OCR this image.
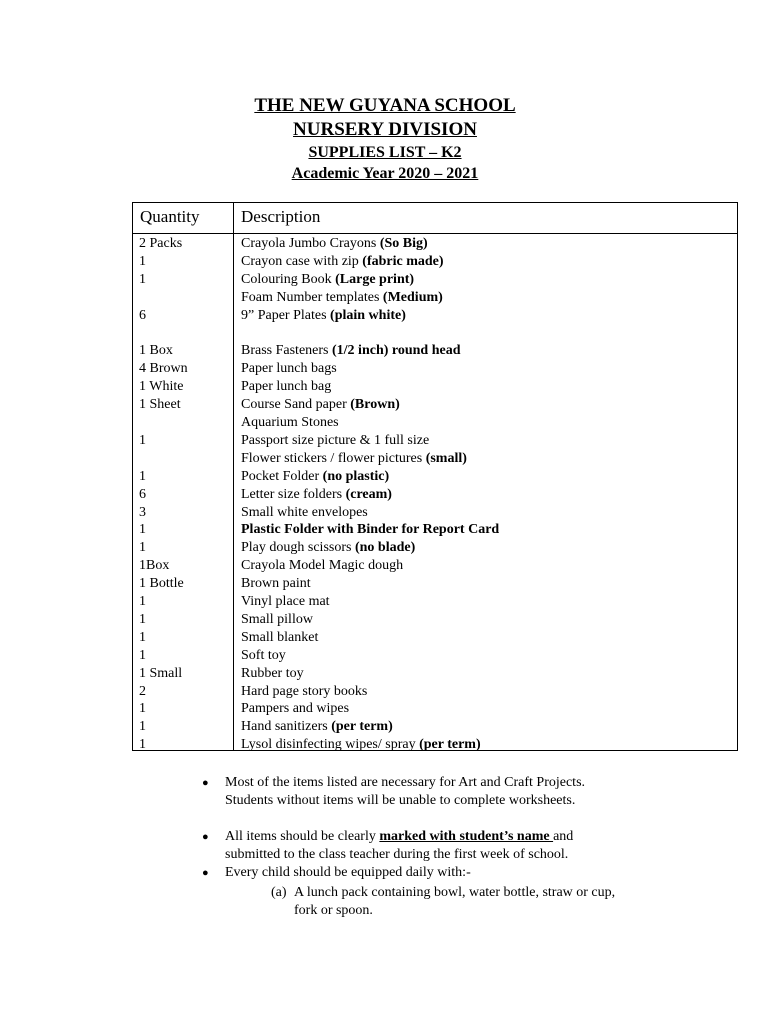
THE NEW GUYANA SCHOOL
NURSERY DIVISION
SUPPLIES LIST – K2
Academic Year 2020 – 2021
Quantity Description
2 Packs	Crayola Jumbo Crayons (So Big)
1	Crayon case with zip (fabric made)
1	Colouring Book (Large print)
Foam Number templates (Medium)
6	9” Paper Plates (plain white)
1 Box	Brass Fasteners (1/2 inch) round head
4 Brown	Paper lunch bags
1 White	Paper lunch bag
1 Sheet	Course Sand paper (Brown)
Aquarium Stones
1	Passport size picture & 1 full size
Flower stickers / flower pictures (small)
1	Pocket Folder (no plastic)
6	Letter size folders (cream)
3	Small white envelopes
1	Plastic Folder with Binder for Report Card
1	Play dough scissors (no blade)
1Box	Crayola Model Magic dough
1 Bottle	Brown paint
1	Vinyl place mat
1	Small pillow
1	Small blanket
1	Soft toy
1 Small	Rubber toy
2	Hard page story books
1	Pampers and wipes
1	Hand sanitizers (per term)
1	Lysol disinfecting wipes/ spray (per term)
● Most of the items listed are necessary for Art and Craft Projects.
Students without items will be unable to complete worksheets.
● All items should be clearly marked with student’s name and
submitted to the class teacher during the first week of school.
● Every child should be equipped daily with:-
(a) A lunch pack containing bowl, water bottle, straw or cup,
fork or spoon.
